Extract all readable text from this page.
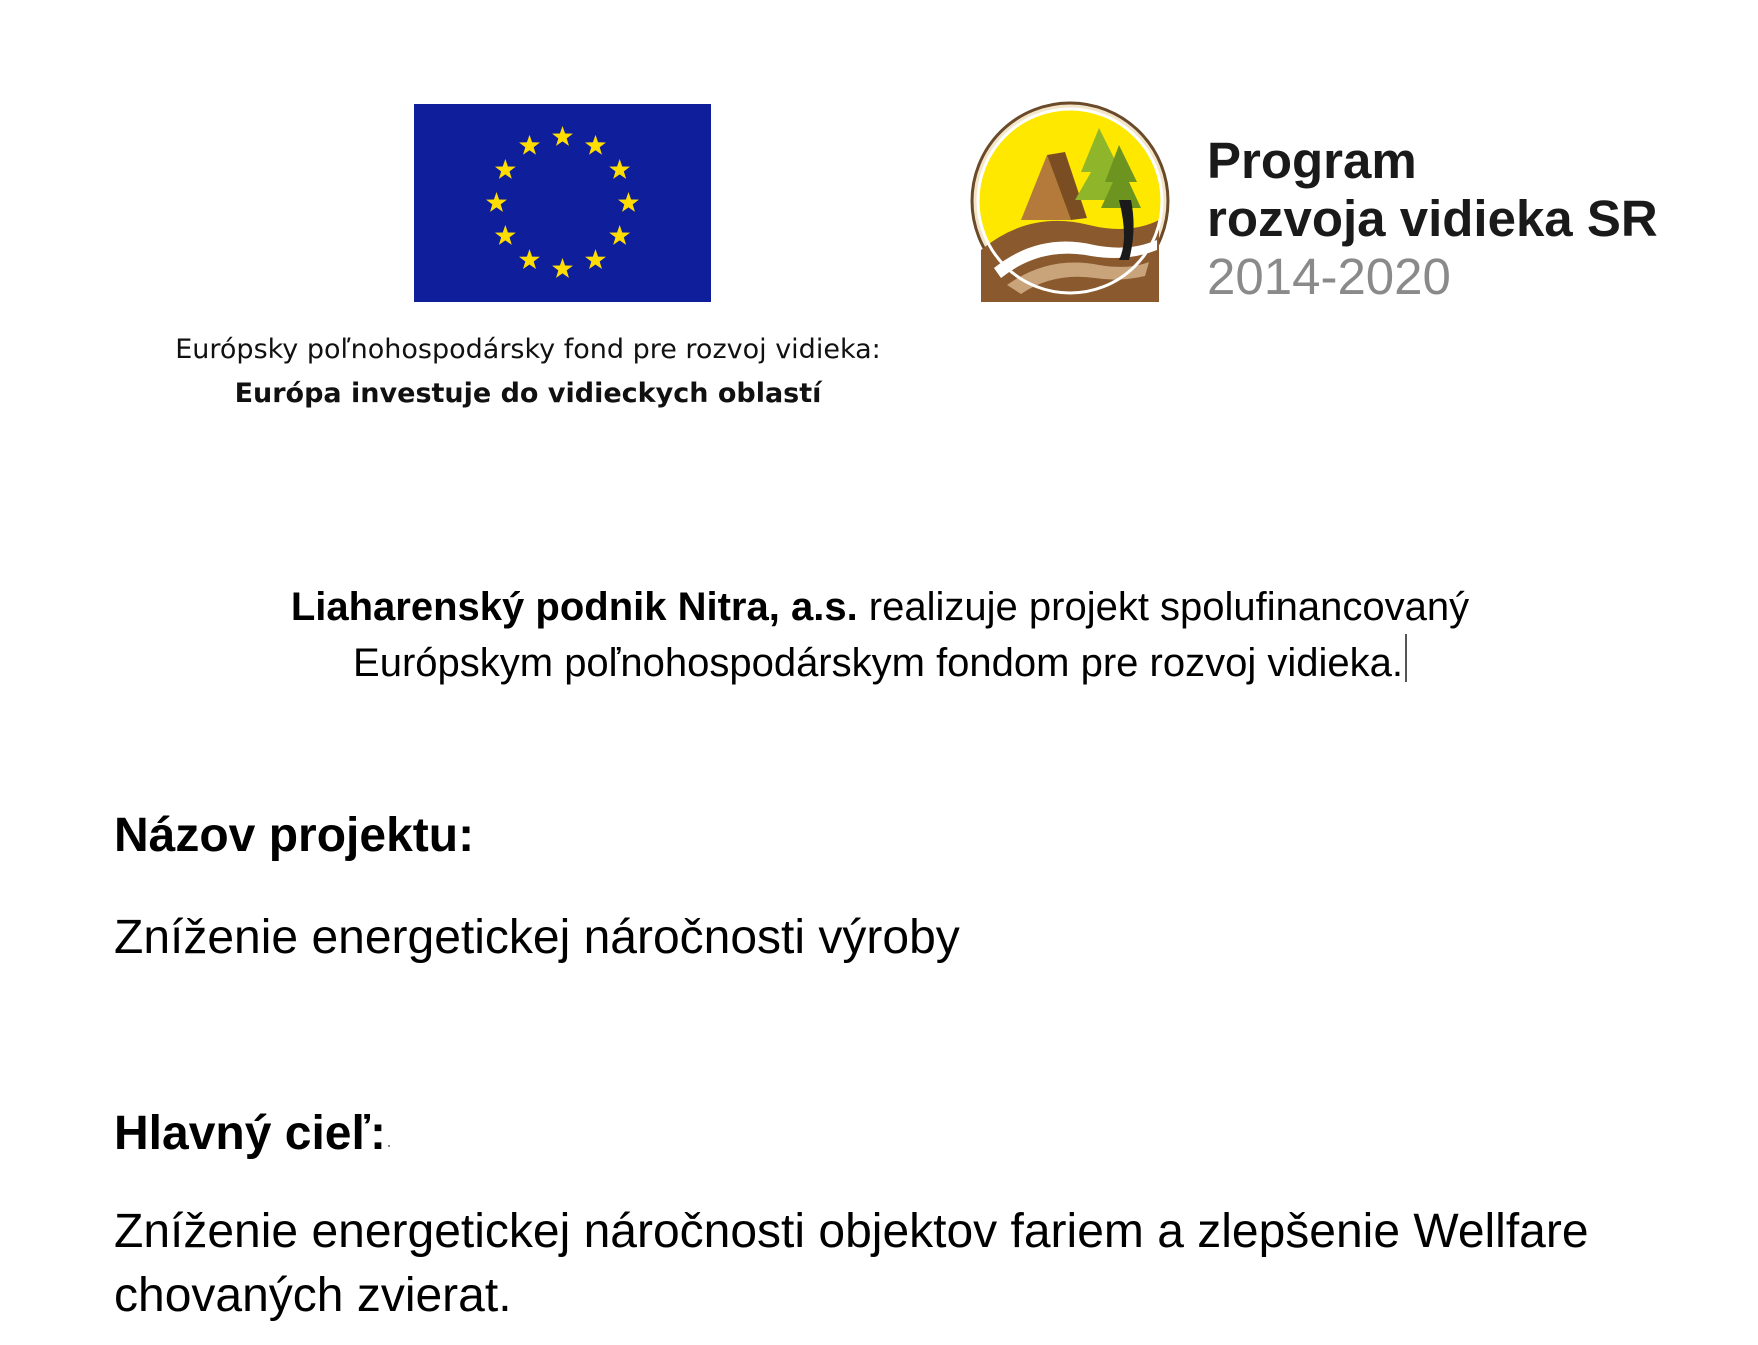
Európsky poľnohospodársky fond pre rozvoj vidieka:
Európa investuje do vidieckych oblastí
Program
rozvoja vidieka SR
2014-2020
Liaharenský podnik Nitra, a.s. realizuje projekt spolufinancovaný
Európskym poľnohospodárskym fondom pre rozvoj vidieka.
Názov projektu:
Zníženie energetickej náročnosti výroby
Hlavný cieľ:
Zníženie energetickej náročnosti objektov fariem a zlepšenie Wellfare chovaných zvierat.
